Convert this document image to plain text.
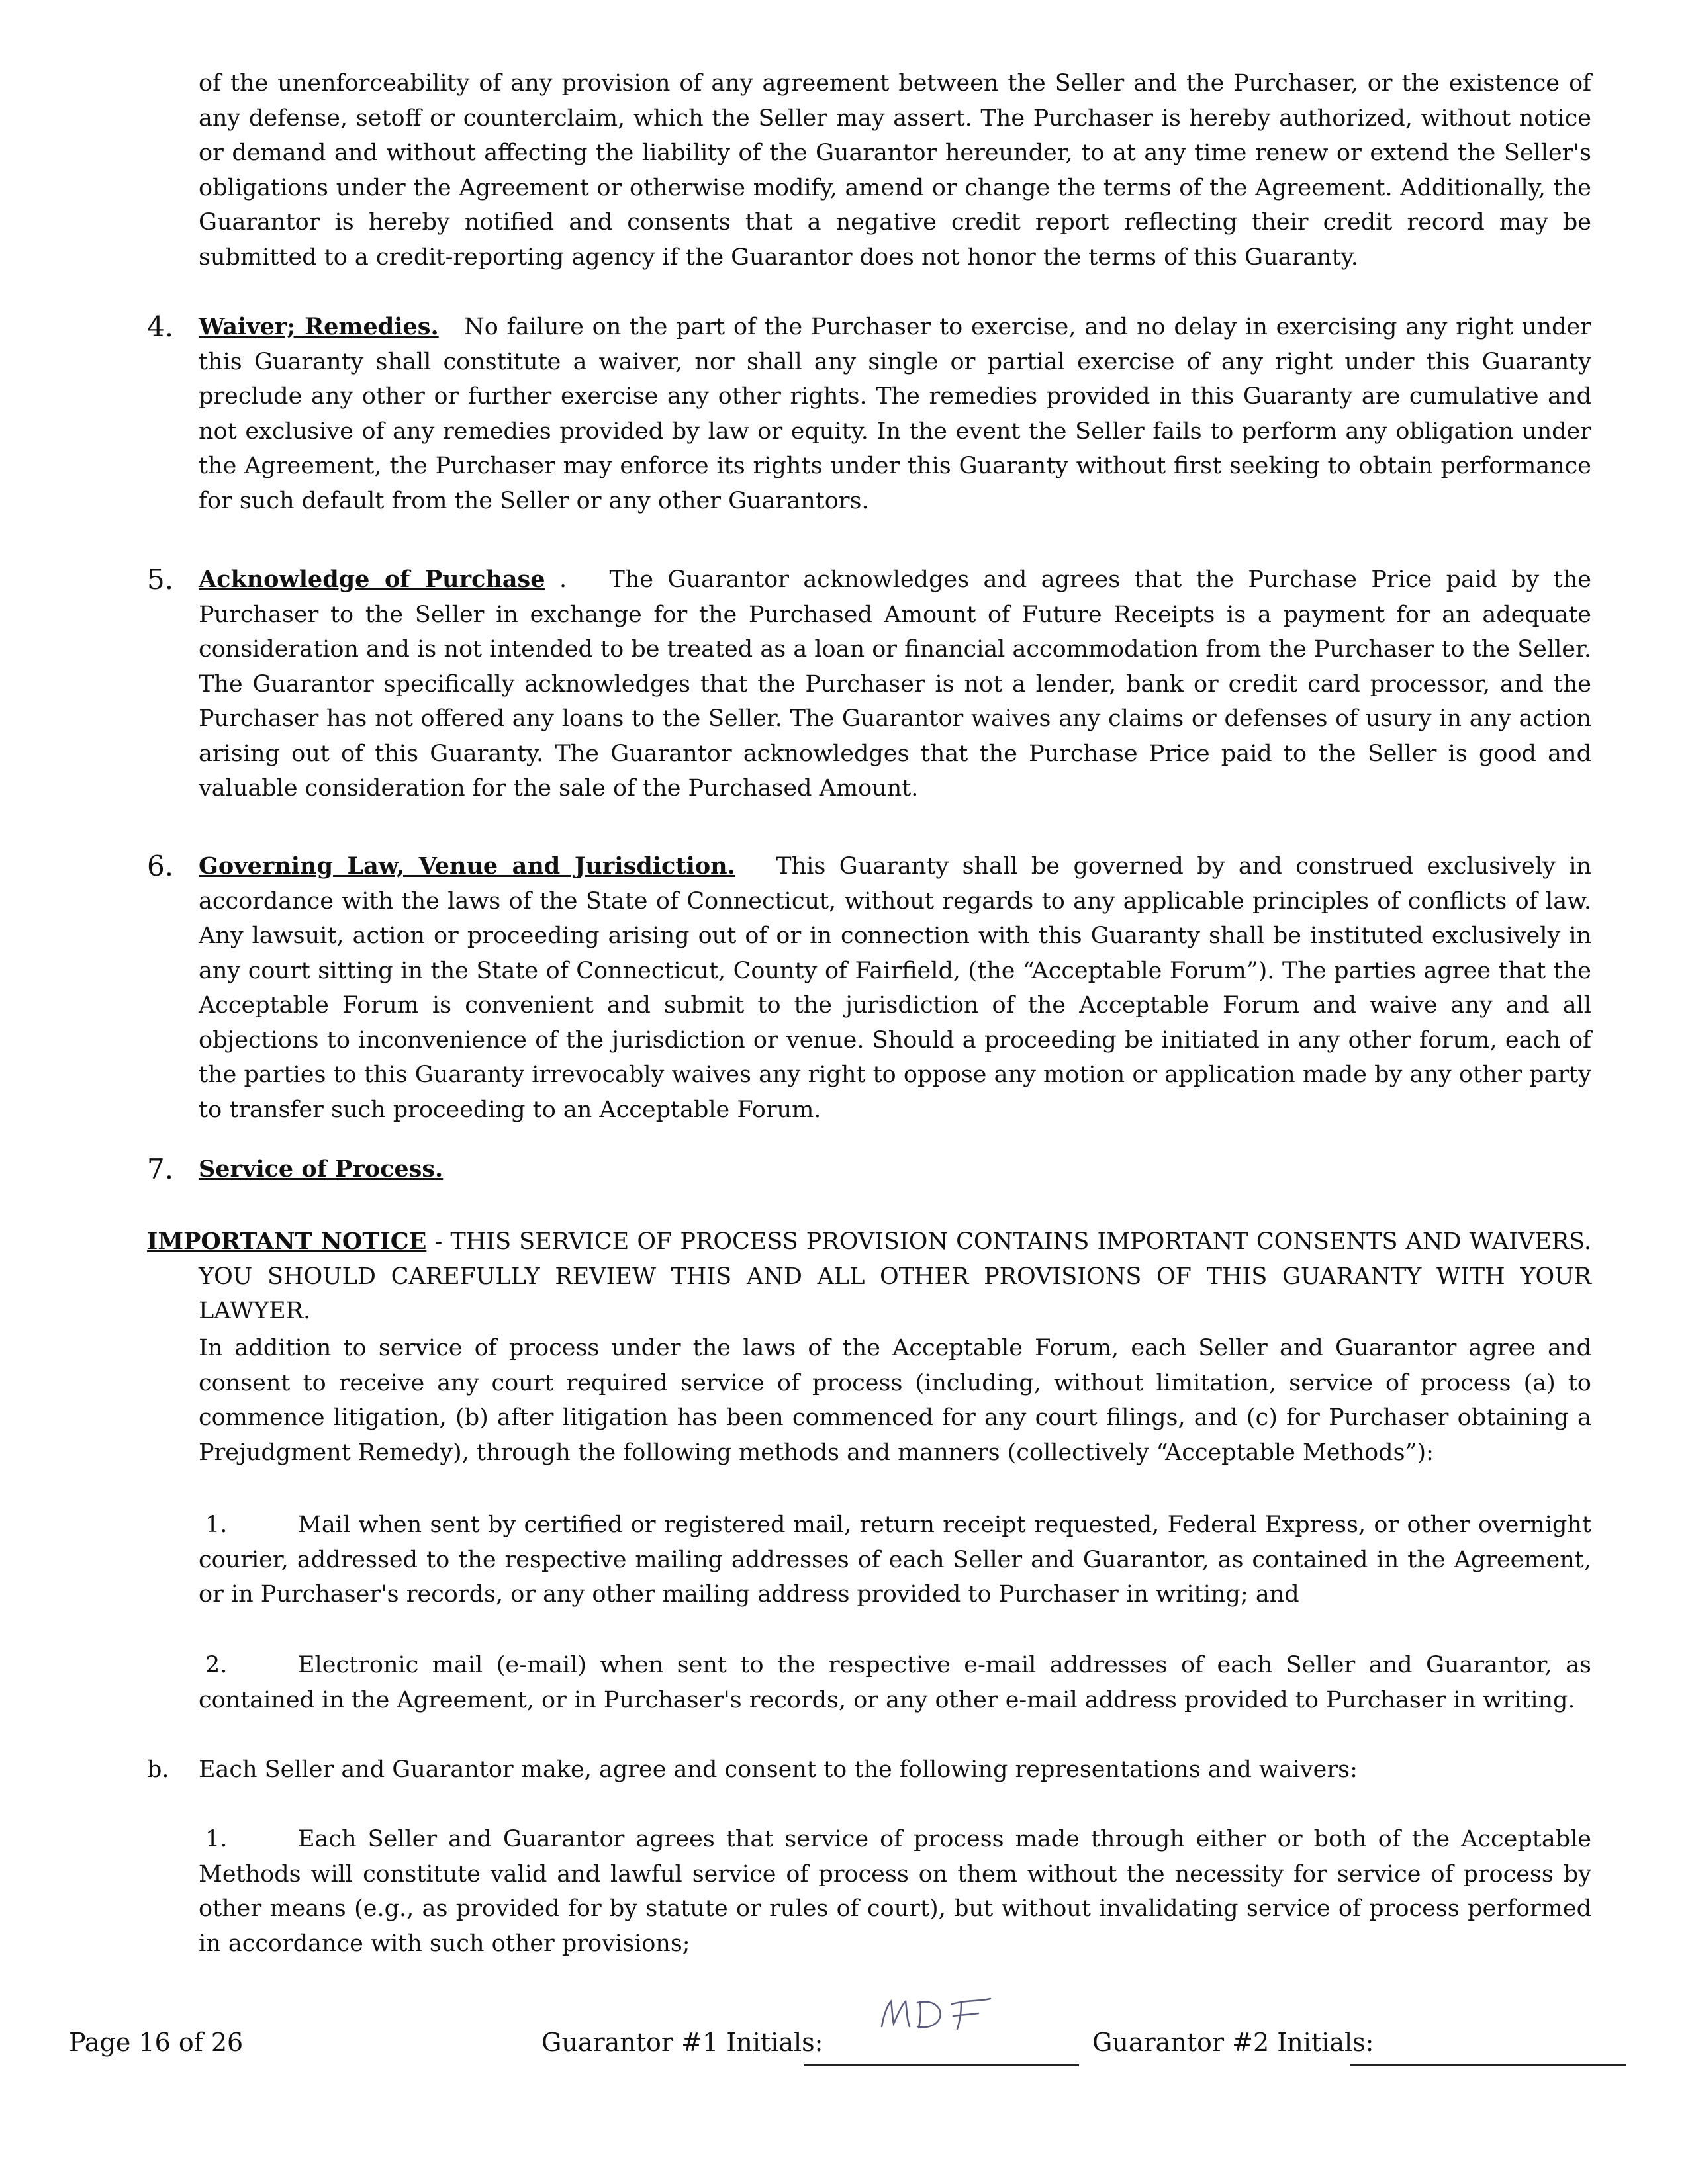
of the unenforceability of any provision of any agreement between the Seller and the Purchaser, or the existence of any defense, setoff or counterclaim, which the Seller may assert. The Purchaser is hereby authorized, without notice or demand and without affecting the liability of the Guarantor hereunder, to at any time renew or extend the Seller's obligations under the Agreement or otherwise modify, amend or change the terms of the Agreement. Additionally, the Guarantor is hereby notified and consents that a negative credit report reflecting their credit record may be submitted to a credit-reporting agency if the Guarantor does not honor the terms of this Guaranty.

4. Waiver; Remedies. No failure on the part of the Purchaser to exercise, and no delay in exercising any right under this Guaranty shall constitute a waiver, nor shall any single or partial exercise of any right under this Guaranty preclude any other or further exercise any other rights. The remedies provided in this Guaranty are cumulative and not exclusive of any remedies provided by law or equity. In the event the Seller fails to perform any obligation under the Agreement, the Purchaser may enforce its rights under this Guaranty without first seeking to obtain performance for such default from the Seller or any other Guarantors.

5. Acknowledge of Purchase .   The Guarantor acknowledges and agrees that the Purchase Price paid by the Purchaser to the Seller in exchange for the Purchased Amount of Future Receipts is a payment for an adequate consideration and is not intended to be treated as a loan or financial accommodation from the Purchaser to the Seller. The Guarantor specifically acknowledges that the Purchaser is not a lender, bank or credit card processor, and the Purchaser has not offered any loans to the Seller. The Guarantor waives any claims or defenses of usury in any action arising out of this Guaranty. The Guarantor acknowledges that the Purchase Price paid to the Seller is good and valuable consideration for the sale of the Purchased Amount.

6. Governing Law, Venue and Jurisdiction. This Guaranty shall be governed by and construed exclusively in accordance with the laws of the State of Connecticut, without regards to any applicable principles of conflicts of law. Any lawsuit, action or proceeding arising out of or in connection with this Guaranty shall be instituted exclusively in any court sitting in the State of Connecticut, County of Fairfield, (the “Acceptable Forum”). The parties agree that the Acceptable Forum is convenient and submit to the jurisdiction of the Acceptable Forum and waive any and all objections to inconvenience of the jurisdiction or venue. Should a proceeding be initiated in any other forum, each of the parties to this Guaranty irrevocably waives any right to oppose any motion or application made by any other party to transfer such proceeding to an Acceptable Forum.

7. Service of Process.

IMPORTANT NOTICE - THIS SERVICE OF PROCESS PROVISION CONTAINS IMPORTANT CONSENTS AND WAIVERS. YOU SHOULD CAREFULLY REVIEW THIS AND ALL OTHER PROVISIONS OF THIS GUARANTY WITH YOUR LAWYER.

In addition to service of process under the laws of the Acceptable Forum, each Seller and Guarantor agree and consent to receive any court required service of process (including, without limitation, service of process (a) to commence litigation, (b) after litigation has been commenced for any court filings, and (c) for Purchaser obtaining a Prejudgment Remedy), through the following methods and manners (collectively “Acceptable Methods”):

1.	Mail when sent by certified or registered mail, return receipt requested, Federal Express, or other overnight courier, addressed to the respective mailing addresses of each Seller and Guarantor, as contained in the Agreement, or in Purchaser's records, or any other mailing address provided to Purchaser in writing; and

2.	Electronic mail (e-mail) when sent to the respective e-mail addresses of each Seller and Guarantor, as contained in the Agreement, or in Purchaser's records, or any other e-mail address provided to Purchaser in writing.

b. Each Seller and Guarantor make, agree and consent to the following representations and waivers:

1.	Each Seller and Guarantor agrees that service of process made through either or both of the Acceptable Methods will constitute valid and lawful service of process on them without the necessity for service of process by other means (e.g., as provided for by statute or rules of court), but without invalidating service of process performed in accordance with such other provisions;

Page 16 of 26	Guarantor #1 Initials:	Guarantor #2 Initials:
